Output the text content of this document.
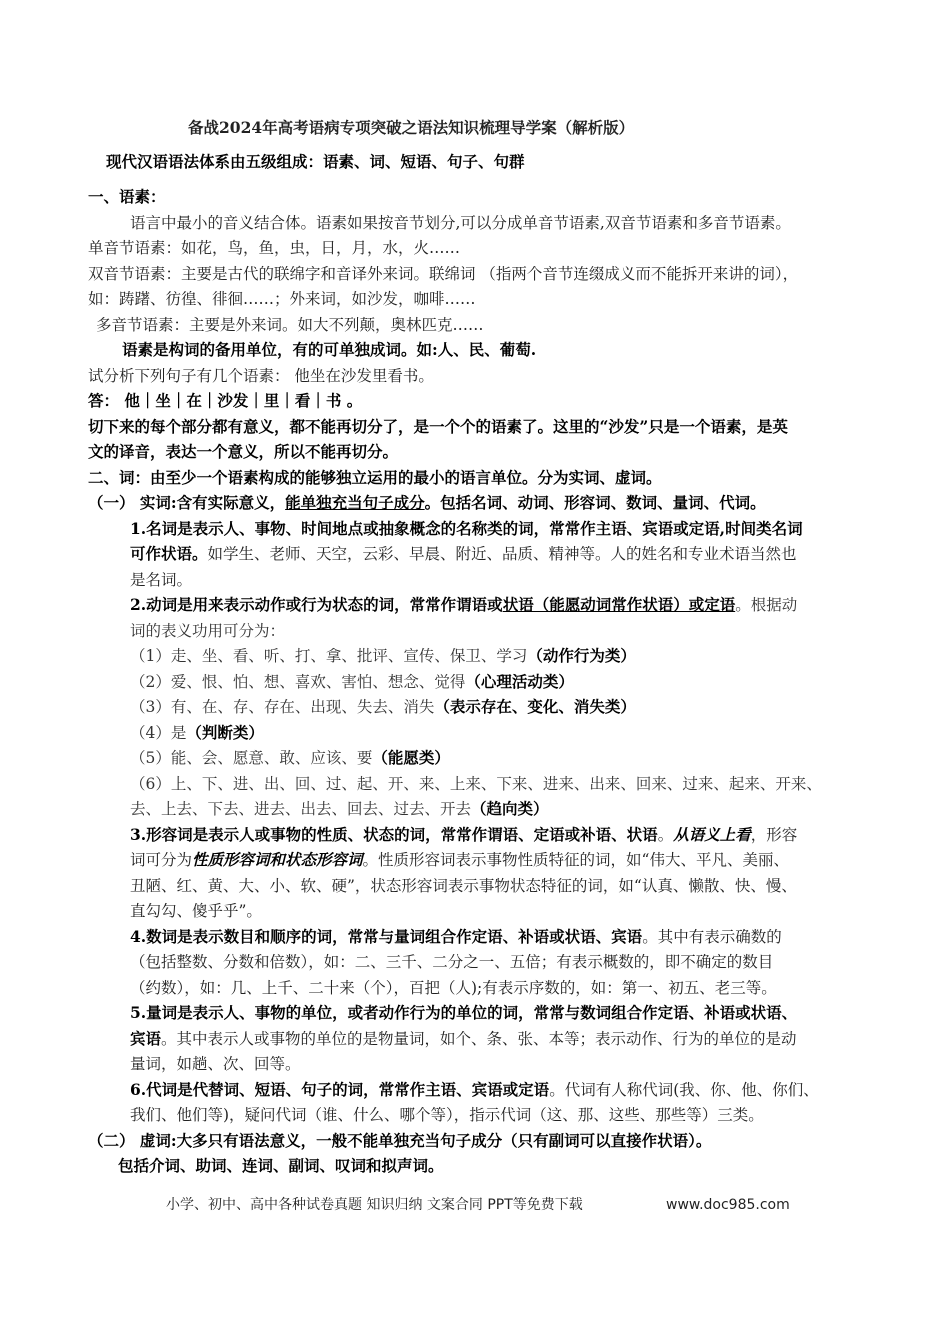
备战2024年高考语病专项突破之语法知识梳理导学案（解析版）
现代汉语语法体系由五级组成：语素、词、短语、句子、句群
一、语素：
语言中最小的音义结合体。语素如果按音节划分,可以分成单音节语素,双音节语素和多音节语素。
单音节语素：如花，鸟，鱼，虫，日，月，水，火……
双音节语素：主要是古代的联绵字和音译外来词。联绵词 （指两个音节连缀成义而不能拆开来讲的词），
如：踌躇、彷徨、徘徊……；外来词，如沙发，咖啡……
多音节语素：主要是外来词。如大不列颠，奥林匹克……
语素是构词的备用单位，有的可单独成词。如:人、民、葡萄.
试分析下列句子有几个语素： 他坐在沙发里看书。
答： 他｜坐｜在｜沙发｜里｜看｜书 。
切下来的每个部分都有意义，都不能再切分了，是一个个的语素了。这里的“沙发”只是一个语素，是英
文的译音，表达一个意义，所以不能再切分。
二、词：由至少一个语素构成的能够独立运用的最小的语言单位。分为实词、虚词。
（一） 实词:含有实际意义，能单独充当句子成分。包括名词、动词、形容词、数词、量词、代词。
1.名词是表示人、事物、时间地点或抽象概念的名称类的词，常常作主语、宾语或定语,时间类名词
可作状语。如学生、老师、天空，云彩、早晨、附近、品质、精神等。人的姓名和专业术语当然也
是名词。
2.动词是用来表示动作或行为状态的词，常常作谓语或状语（能愿动词常作状语）或定语。根据动
词的表义功用可分为：
（1）走、坐、看、听、打、拿、批评、宣传、保卫、学习（动作行为类）
（2）爱、恨、怕、想、喜欢、害怕、想念、觉得（心理活动类）
（3）有、在、存、存在、出现、失去、消失（表示存在、变化、消失类）
（4）是（判断类）
（5）能、会、愿意、敢、应该、要（能愿类）
（6）上、下、进、出、回、过、起、开、来、上来、下来、进来、出来、回来、过来、起来、开来、
去、上去、下去、进去、出去、回去、过去、开去（趋向类）
3.形容词是表示人或事物的性质、状态的词，常常作谓语、定语或补语、状语。从语义上看，形容
词可分为性质形容词和状态形容词。性质形容词表示事物性质特征的词，如“伟大、平凡、美丽、
丑陋、红、黄、大、小、软、硬”，状态形容词表示事物状态特征的词，如“认真、懒散、快、慢、
直勾勾、傻乎乎”。
4.数词是表示数目和顺序的词，常常与量词组合作定语、补语或状语、宾语。其中有表示确数的
（包括整数、分数和倍数），如：二、三千、二分之一、五倍；有表示概数的，即不确定的数目
（约数），如：几、上千、二十来（个），百把（人);有表示序数的，如：第一、初五、老三等。
5.量词是表示人、事物的单位，或者动作行为的单位的词，常常与数词组合作定语、补语或状语、
宾语。其中表示人或事物的单位的是物量词，如个、条、张、本等；表示动作、行为的单位的是动
量词，如趟、次、回等。
6.代词是代替词、短语、句子的词，常常作主语、宾语或定语。代词有人称代词(我、你、他、你们、
我们、他们等)，疑问代词（谁、什么、哪个等），指示代词（这、那、这些、那些等）三类。
（二） 虚词:大多只有语法意义，一般不能单独充当句子成分（只有副词可以直接作状语）。
包括介词、助词、连词、副词、叹词和拟声词。
小学、初中、高中各种试卷真题 知识归纳 文案合同 PPT等免费下载	www.doc985.com
